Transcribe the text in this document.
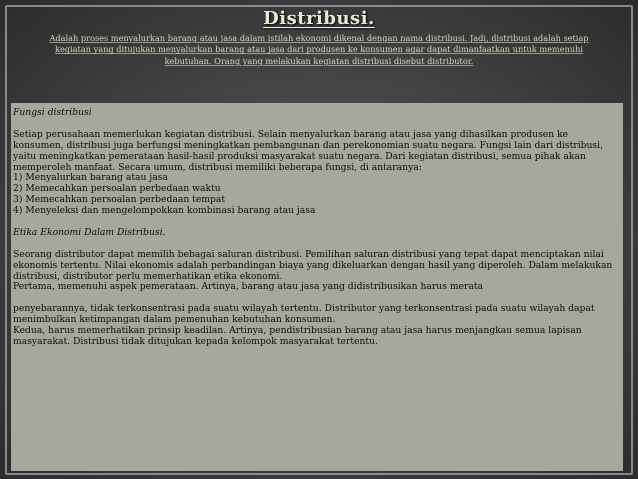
Distribusi.
Adalah proses menyalurkan barang atau jasa dalam istilah ekonomi dikenal dengan nama distribusi. Jadi, distribusi adalah setiap kegiatan yang ditujukan menyalurkan barang atau jasa dari produsen ke konsumen agar dapat dimanfaatkan untuk memenuhi kebutuhan. Orang yang melakukan kegiatan distribusi disebut distributor.

Fungsi distribusi

Setiap perusahaan memerlukan kegiatan distribusi. Selain menyalurkan barang atau jasa yang dihasilkan produsen ke konsumen, distribusi juga berfungsi meningkatkan pembangunan dan perekonomian suatu negara. Fungsi lain dari distribusi, yaitu meningkatkan pemerataan hasil-hasil produksi masyarakat suatu negara. Dari kegiatan distribusi, semua pihak akan memperoleh manfaat. Secara umum, distribusi memiliki beberapa fungsi, di antaranya:

1) Menyalurkan barang atau jasa

2) Memecahkan persoalan perbedaan waktu

3) Memecahkan persoalan perbedaan tempat

4) Menyeleksi dan mengelompokkan kombinasi barang atau jasa

Etika Ekonomi Dalam Distribusi.

Seorang distributor dapat memilih bebagai saluran distribusi. Pemilihan saluran distribusi yang tepat dapat menciptakan nilai ekonomis tertentu. Nilai ekonomis adalah perbandingan biaya yang dikeluarkan dengan hasil yang diperoleh. Dalam melakukan distribusi, distributor perlu memerhatikan etika ekonomi.

Pertama, memenuhi aspek pemerataan. Artinya, barang atau jasa yang didistribusikan harus merata

penyebarannya, tidak terkonsentrasi pada suatu wilayah tertentu. Distributor yang terkonsentrasi pada suatu wilayah dapat menimbulkan ketimpangan dalam pemenuhan kebutuhan konsumen.

Kedua, harus memerhatikan prinsip keadilan. Artinya, pendistribusian barang atau jasa harus menjangkau semua lapisan masyarakat. Distribusi tidak ditujukan kepada kelompok masyarakat tertentu.
